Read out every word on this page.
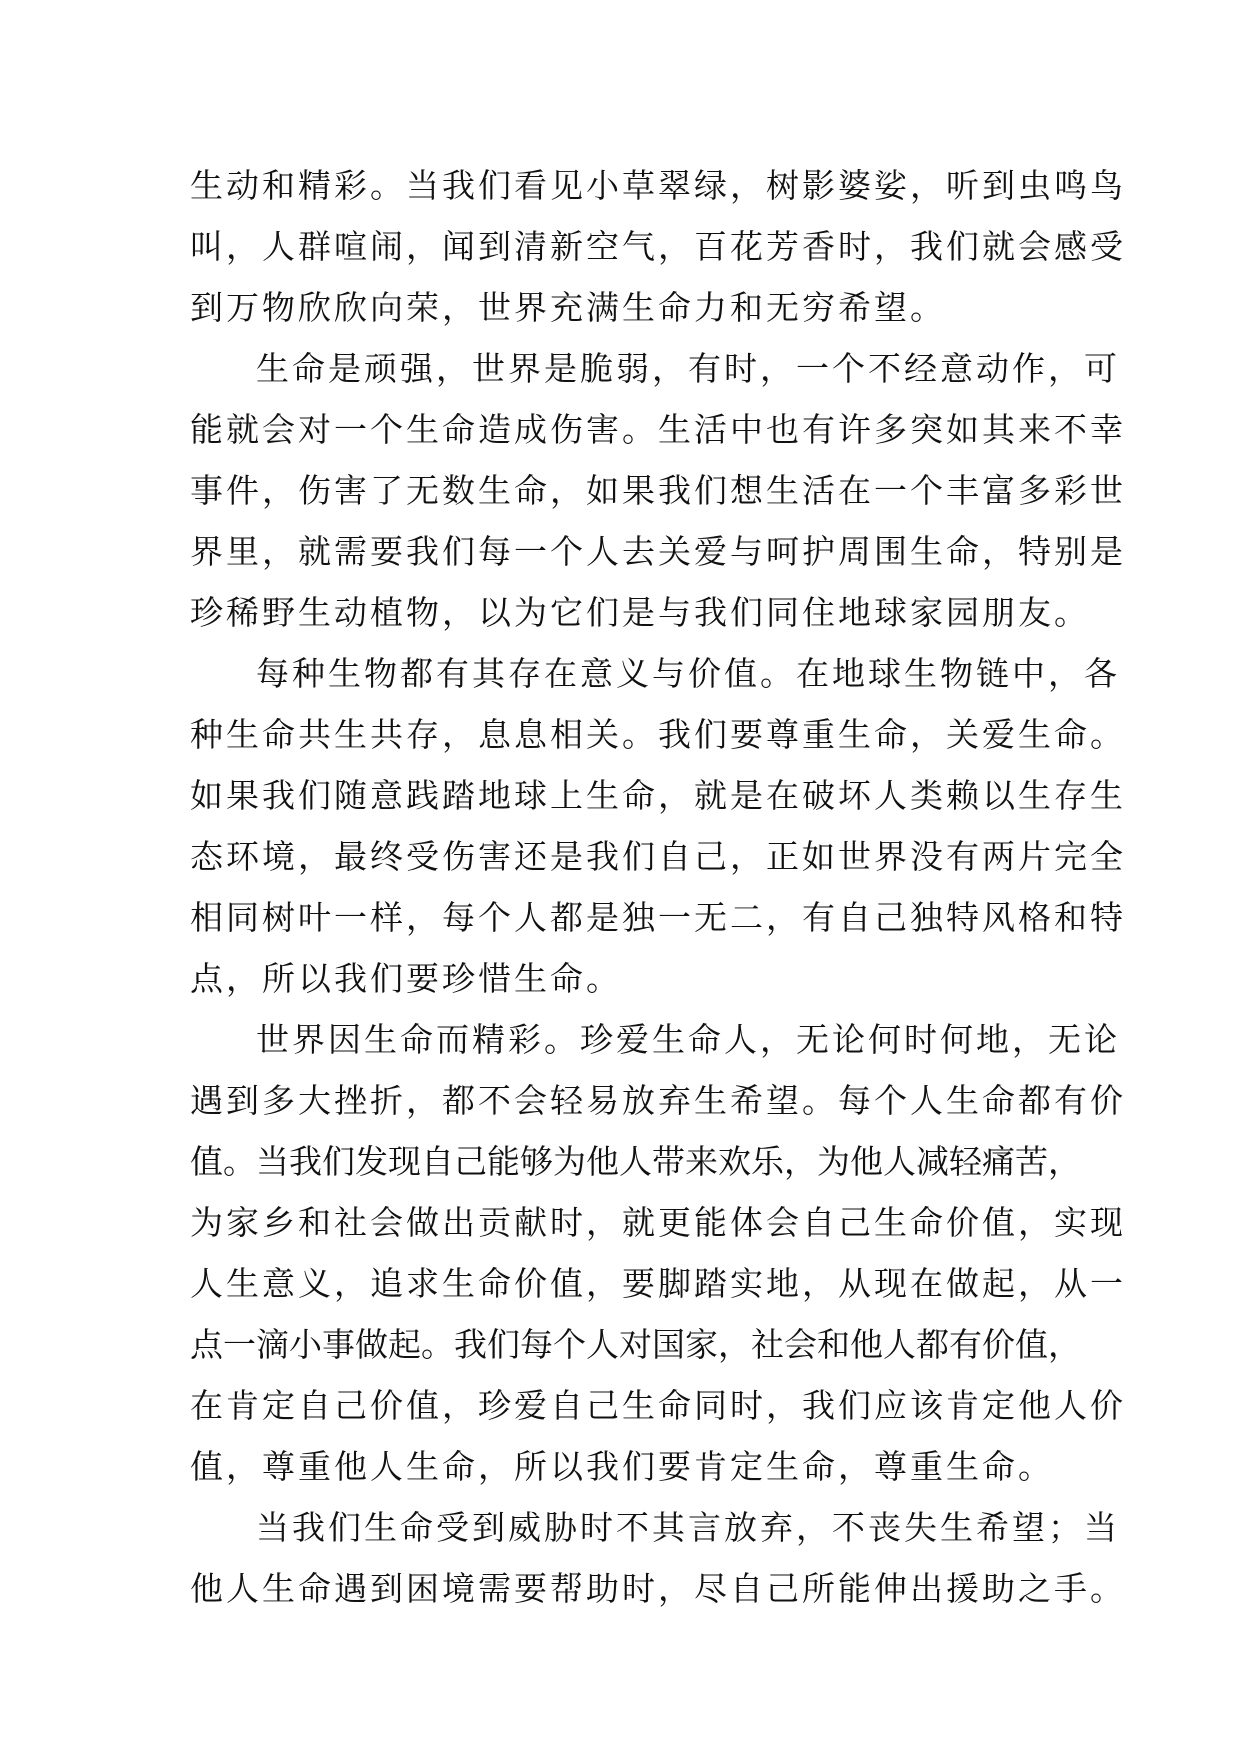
生动和精彩。当我们看见小草翠绿，树影婆娑，听到虫鸣鸟
叫，人群喧闹，闻到清新空气，百花芳香时，我们就会感受
到万物欣欣向荣，世界充满生命力和无穷希望。
生命是顽强，世界是脆弱，有时，一个不经意动作，可
能就会对一个生命造成伤害。生活中也有许多突如其来不幸
事件，伤害了无数生命，如果我们想生活在一个丰富多彩世
界里，就需要我们每一个人去关爱与呵护周围生命，特别是
珍稀野生动植物，以为它们是与我们同住地球家园朋友。
每种生物都有其存在意义与价值。在地球生物链中，各
种生命共生共存，息息相关。我们要尊重生命，关爱生命。
如果我们随意践踏地球上生命，就是在破坏人类赖以生存生
态环境，最终受伤害还是我们自己，正如世界没有两片完全
相同树叶一样，每个人都是独一无二，有自己独特风格和特
点，所以我们要珍惜生命。
世界因生命而精彩。珍爱生命人，无论何时何地，无论
遇到多大挫折，都不会轻易放弃生希望。每个人生命都有价
值。当我们发现自己能够为他人带来欢乐，为他人减轻痛苦，
为家乡和社会做出贡献时，就更能体会自己生命价值，实现
人生意义，追求生命价值，要脚踏实地，从现在做起，从一
点一滴小事做起。我们每个人对国家，社会和他人都有价值，
在肯定自己价值，珍爱自己生命同时，我们应该肯定他人价
值，尊重他人生命，所以我们要肯定生命，尊重生命。
当我们生命受到威胁时不其言放弃，不丧失生希望；当
他人生命遇到困境需要帮助时，尽自己所能伸出援助之手。
